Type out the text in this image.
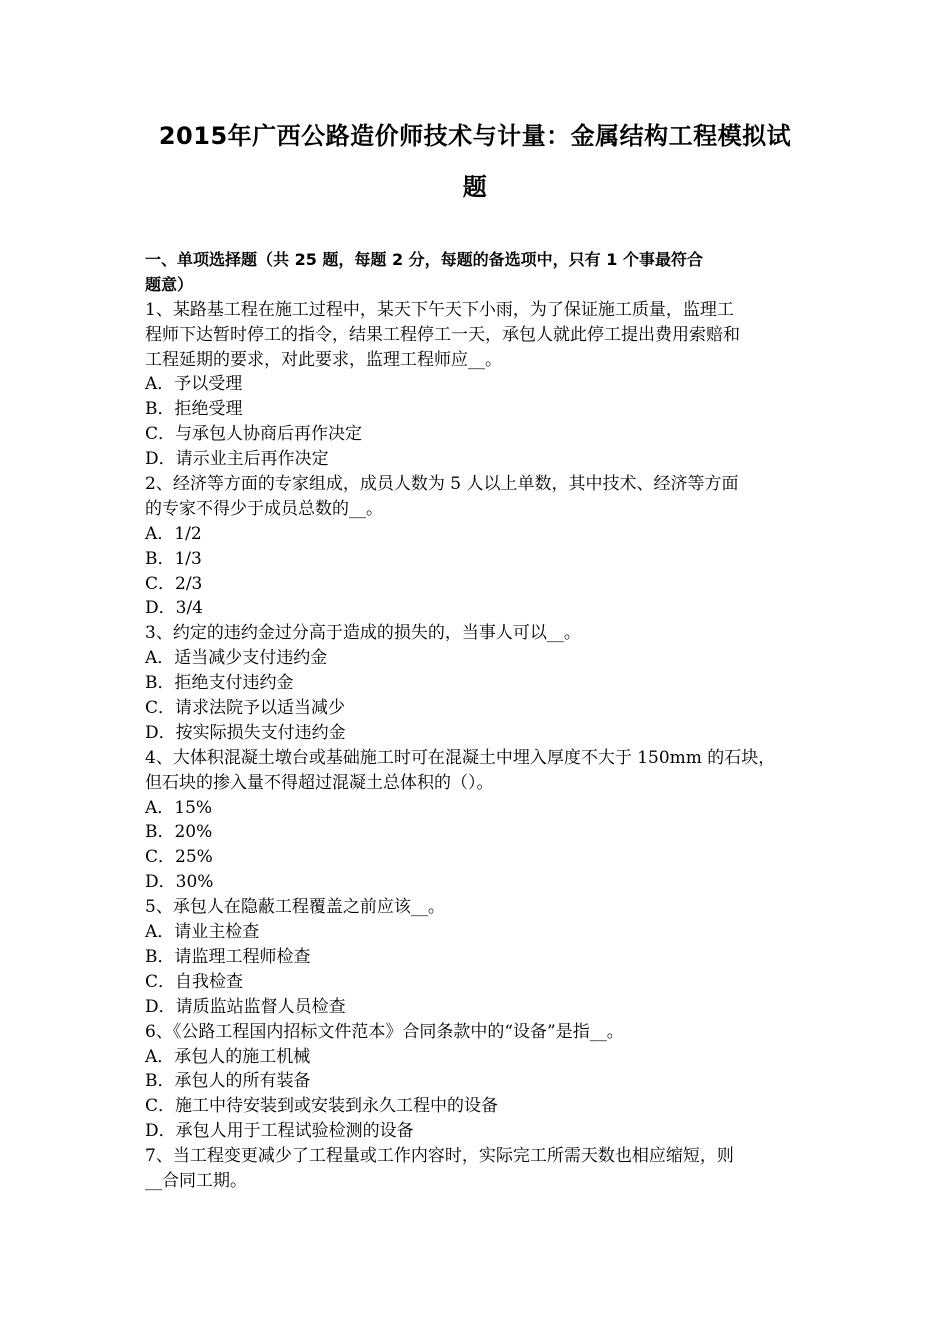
2015年广西公路造价师技术与计量：金属结构工程模拟试
题
一、单项选择题（共 25 题，每题 2 分，每题的备选项中，只有 1 个事最符合
题意）
1、某路基工程在施工过程中，某天下午天下小雨，为了保证施工质量，监理工
程师下达暂时停工的指令，结果工程停工一天，承包人就此停工提出费用索赔和
工程延期的要求，对此要求，监理工程师应__。
A．予以受理
B．拒绝受理
C．与承包人协商后再作决定
D．请示业主后再作决定
2、经济等方面的专家组成，成员人数为 5 人以上单数，其中技术、经济等方面
的专家不得少于成员总数的__。
A．1/2
B．1/3
C．2/3
D．3/4
3、约定的违约金过分高于造成的损失的，当事人可以__。
A．适当减少支付违约金
B．拒绝支付违约金
C．请求法院予以适当减少
D．按实际损失支付违约金
4、大体积混凝土墩台或基础施工时可在混凝土中埋入厚度不大于 150mm 的石块，
但石块的掺入量不得超过混凝土总体积的（）。
A．15%
B．20%
C．25%
D．30%
5、承包人在隐蔽工程覆盖之前应该__。
A．请业主检查
B．请监理工程师检查
C．自我检查
D．请质监站监督人员检查
6、《公路工程国内招标文件范本》合同条款中的“设备”是指__。
A．承包人的施工机械
B．承包人的所有装备
C．施工中待安装到或安装到永久工程中的设备
D．承包人用于工程试验检测的设备
7、当工程变更减少了工程量或工作内容时，实际完工所需天数也相应缩短，则
__合同工期。
